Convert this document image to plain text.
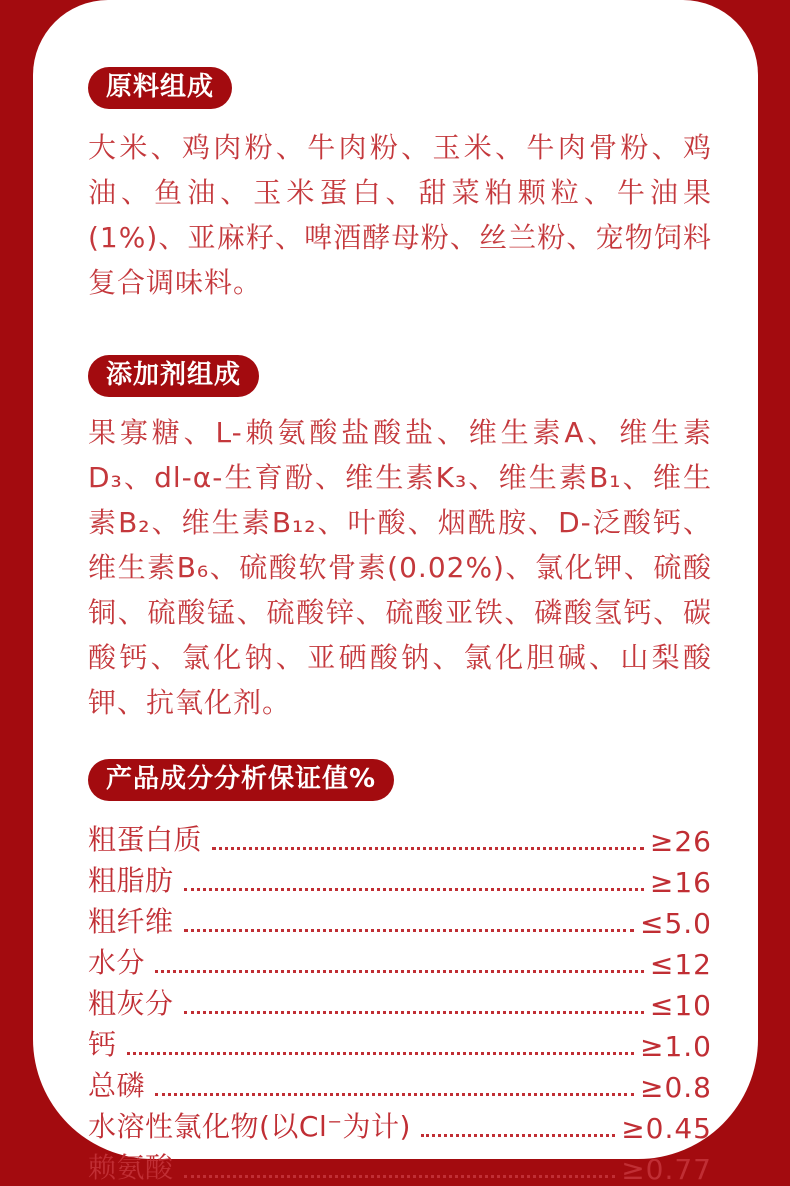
原料组成

大米、鸡肉粉、牛肉粉、玉米、牛肉骨粉、鸡油、鱼油、玉米蛋白、甜菜粕颗粒、牛油果(1%)、亚麻籽、啤酒酵母粉、丝兰粉、宠物饲料复合调味料。

添加剂组成

果寡糖、L-赖氨酸盐酸盐、维生素A、维生素D₃、dl-α-生育酚、维生素K₃、维生素B₁、维生素B₂、维生素B₁₂、叶酸、烟酰胺、D-泛酸钙、维生素B₆、硫酸软骨素(0.02%)、氯化钾、硫酸铜、硫酸锰、硫酸锌、硫酸亚铁、磷酸氢钙、碳酸钙、氯化钠、亚硒酸钠、氯化胆碱、山梨酸钾、抗氧化剂。

产品成分分析保证值%
粗蛋白质	≥26
粗脂肪	≥16
粗纤维	≤5.0
水分	≤12
粗灰分	≤10
钙	≥1.0
总磷	≥0.8
水溶性氯化物(以Cl⁻为计)	≥0.45
赖氨酸	≥0.77
